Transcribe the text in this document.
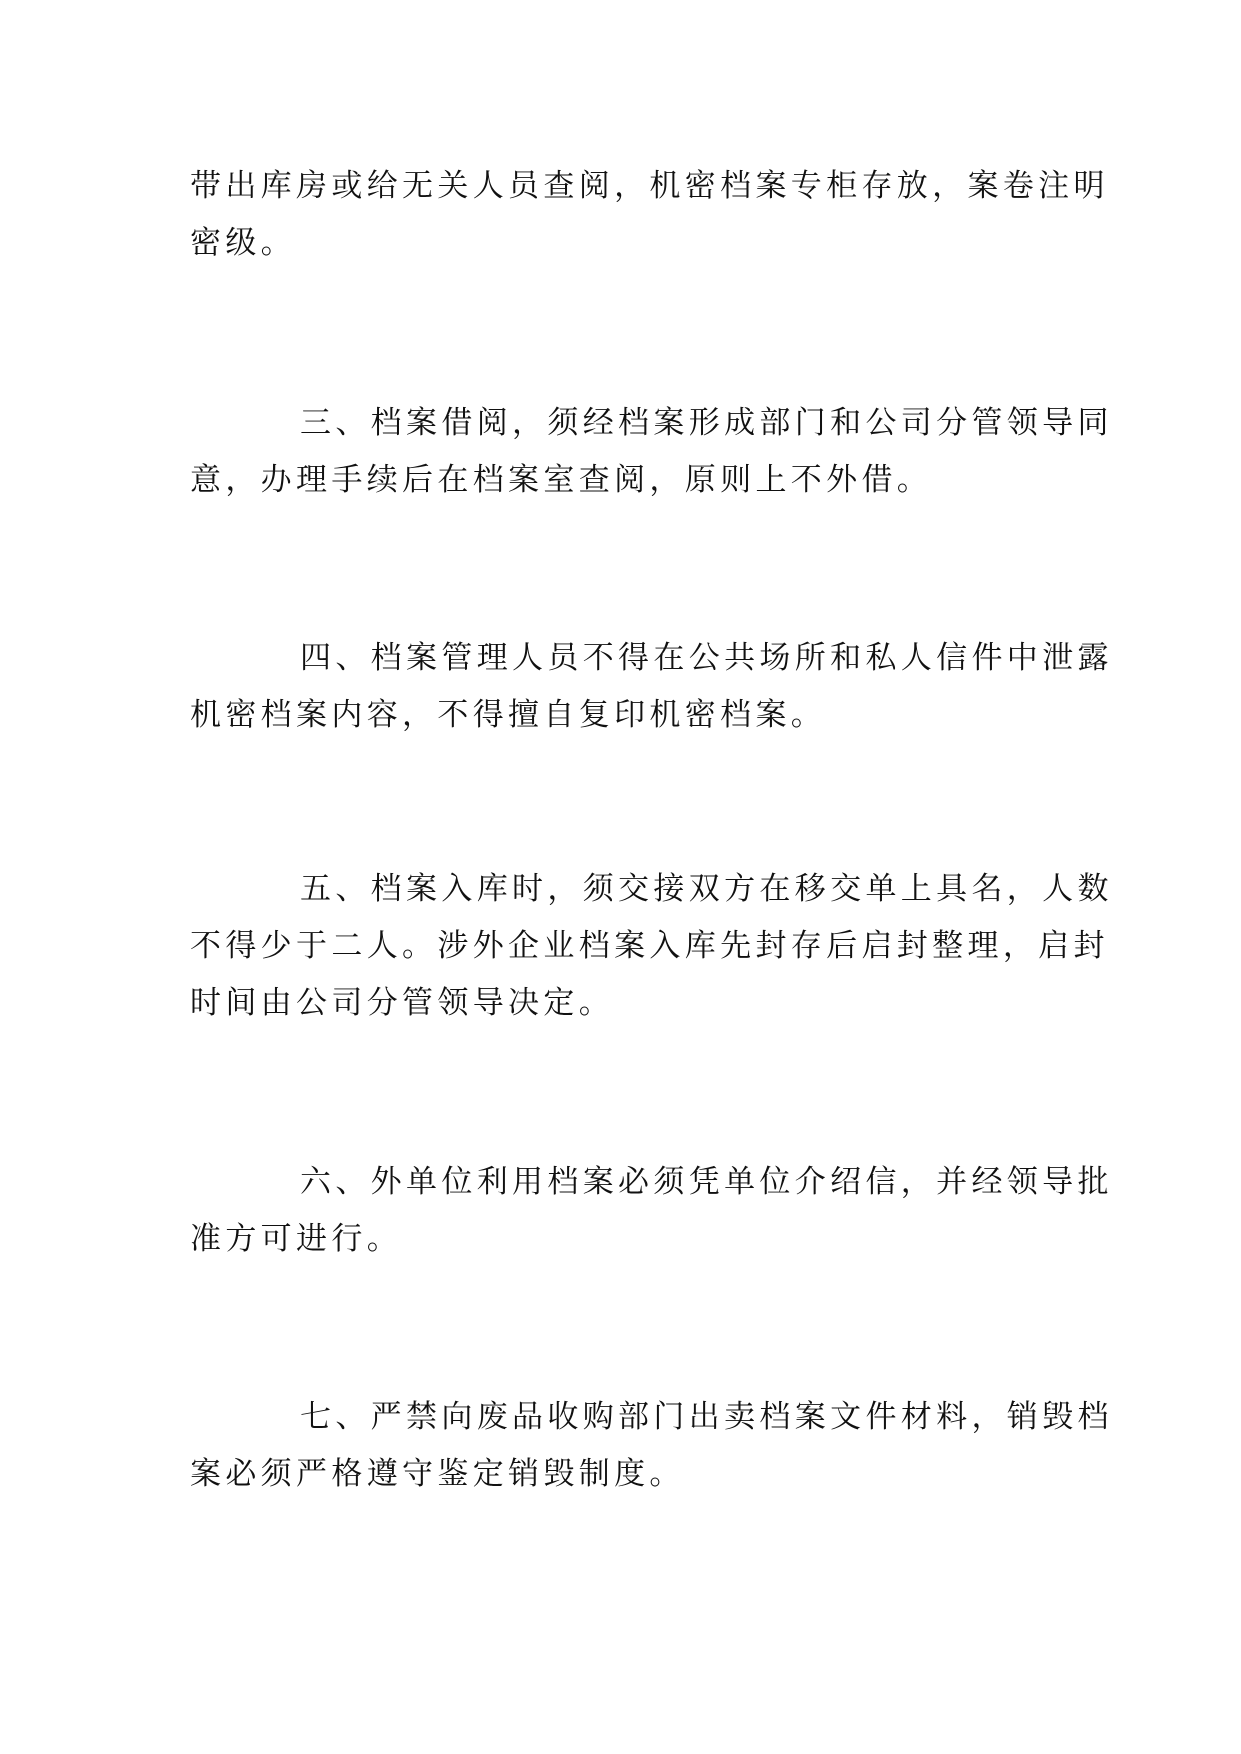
带出库房或给无关人员查阅，机密档案专柜存放，案卷注明
密级。

三、档案借阅，须经档案形成部门和公司分管领导同
意，办理手续后在档案室查阅，原则上不外借。

四、档案管理人员不得在公共场所和私人信件中泄露
机密档案内容，不得擅自复印机密档案。

五、档案入库时，须交接双方在移交单上具名，人数
不得少于二人。涉外企业档案入库先封存后启封整理，启封
时间由公司分管领导决定。

六、外单位利用档案必须凭单位介绍信，并经领导批
准方可进行。

七、严禁向废品收购部门出卖档案文件材料，销毁档
案必须严格遵守鉴定销毁制度。
